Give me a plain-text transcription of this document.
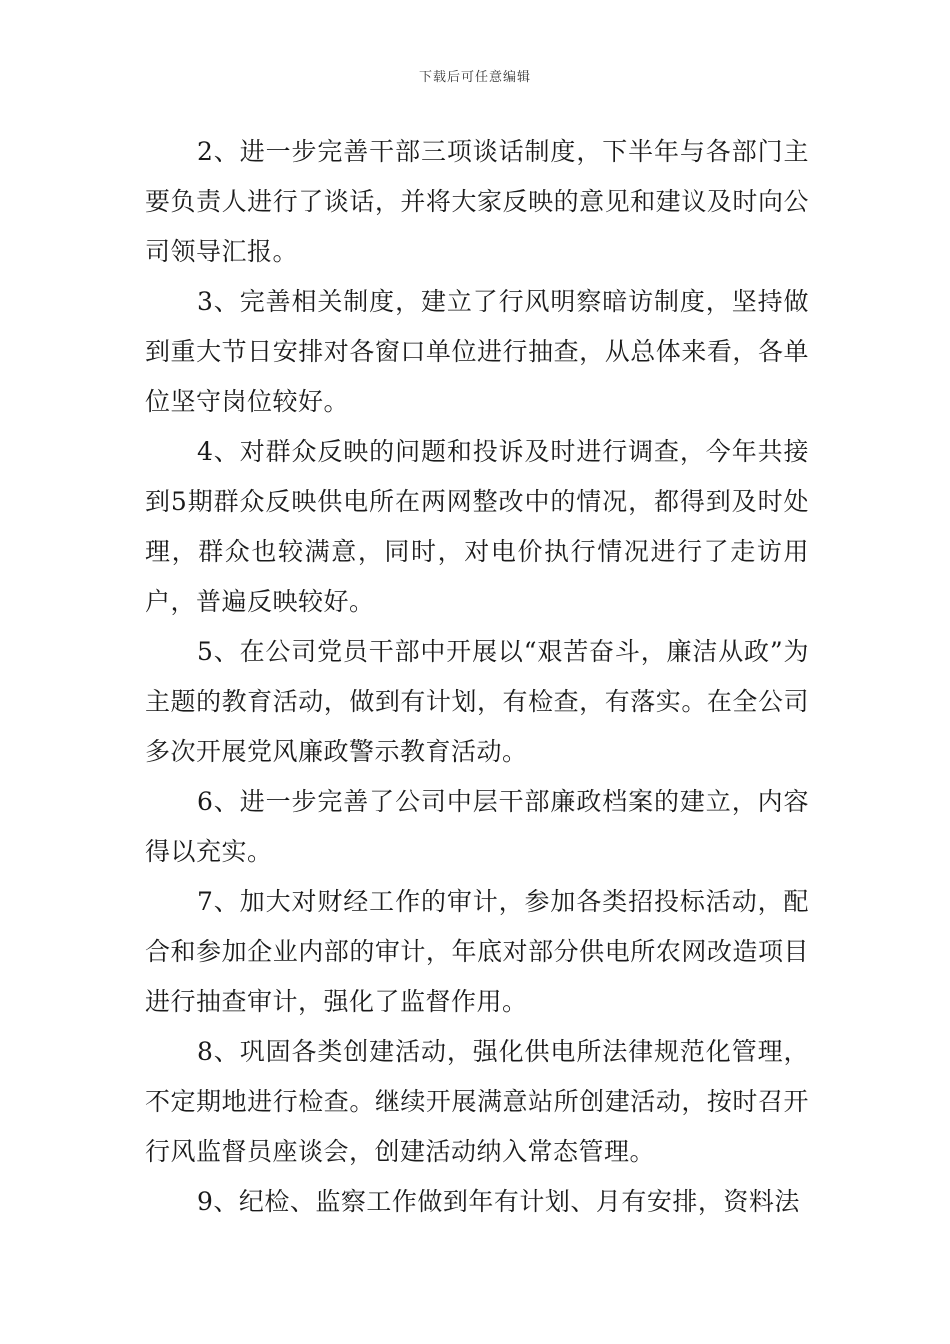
下载后可任意编辑

2、进一步完善干部三项谈话制度，下半年与各部门主要负责人进行了谈话，并将大家反映的意见和建议及时向公司领导汇报。

3、完善相关制度，建立了行风明察暗访制度，坚持做到重大节日安排对各窗口单位进行抽查，从总体来看，各单位坚守岗位较好。

4、对群众反映的问题和投诉及时进行调查，今年共接到5期群众反映供电所在两网整改中的情况，都得到及时处理，群众也较满意，同时，对电价执行情况进行了走访用户，普遍反映较好。

5、在公司党员干部中开展以“艰苦奋斗，廉洁从政”为主题的教育活动，做到有计划，有检查，有落实。在全公司多次开展党风廉政警示教育活动。

6、进一步完善了公司中层干部廉政档案的建立，内容得以充实。

7、加大对财经工作的审计，参加各类招投标活动，配合和参加企业内部的审计，年底对部分供电所农网改造项目进行抽查审计，强化了监督作用。

8、巩固各类创建活动，强化供电所法律规范化管理，不定期地进行检查。继续开展满意站所创建活动，按时召开行风监督员座谈会，创建活动纳入常态管理。

9、纪检、监察工作做到年有计划、月有安排，资料法
